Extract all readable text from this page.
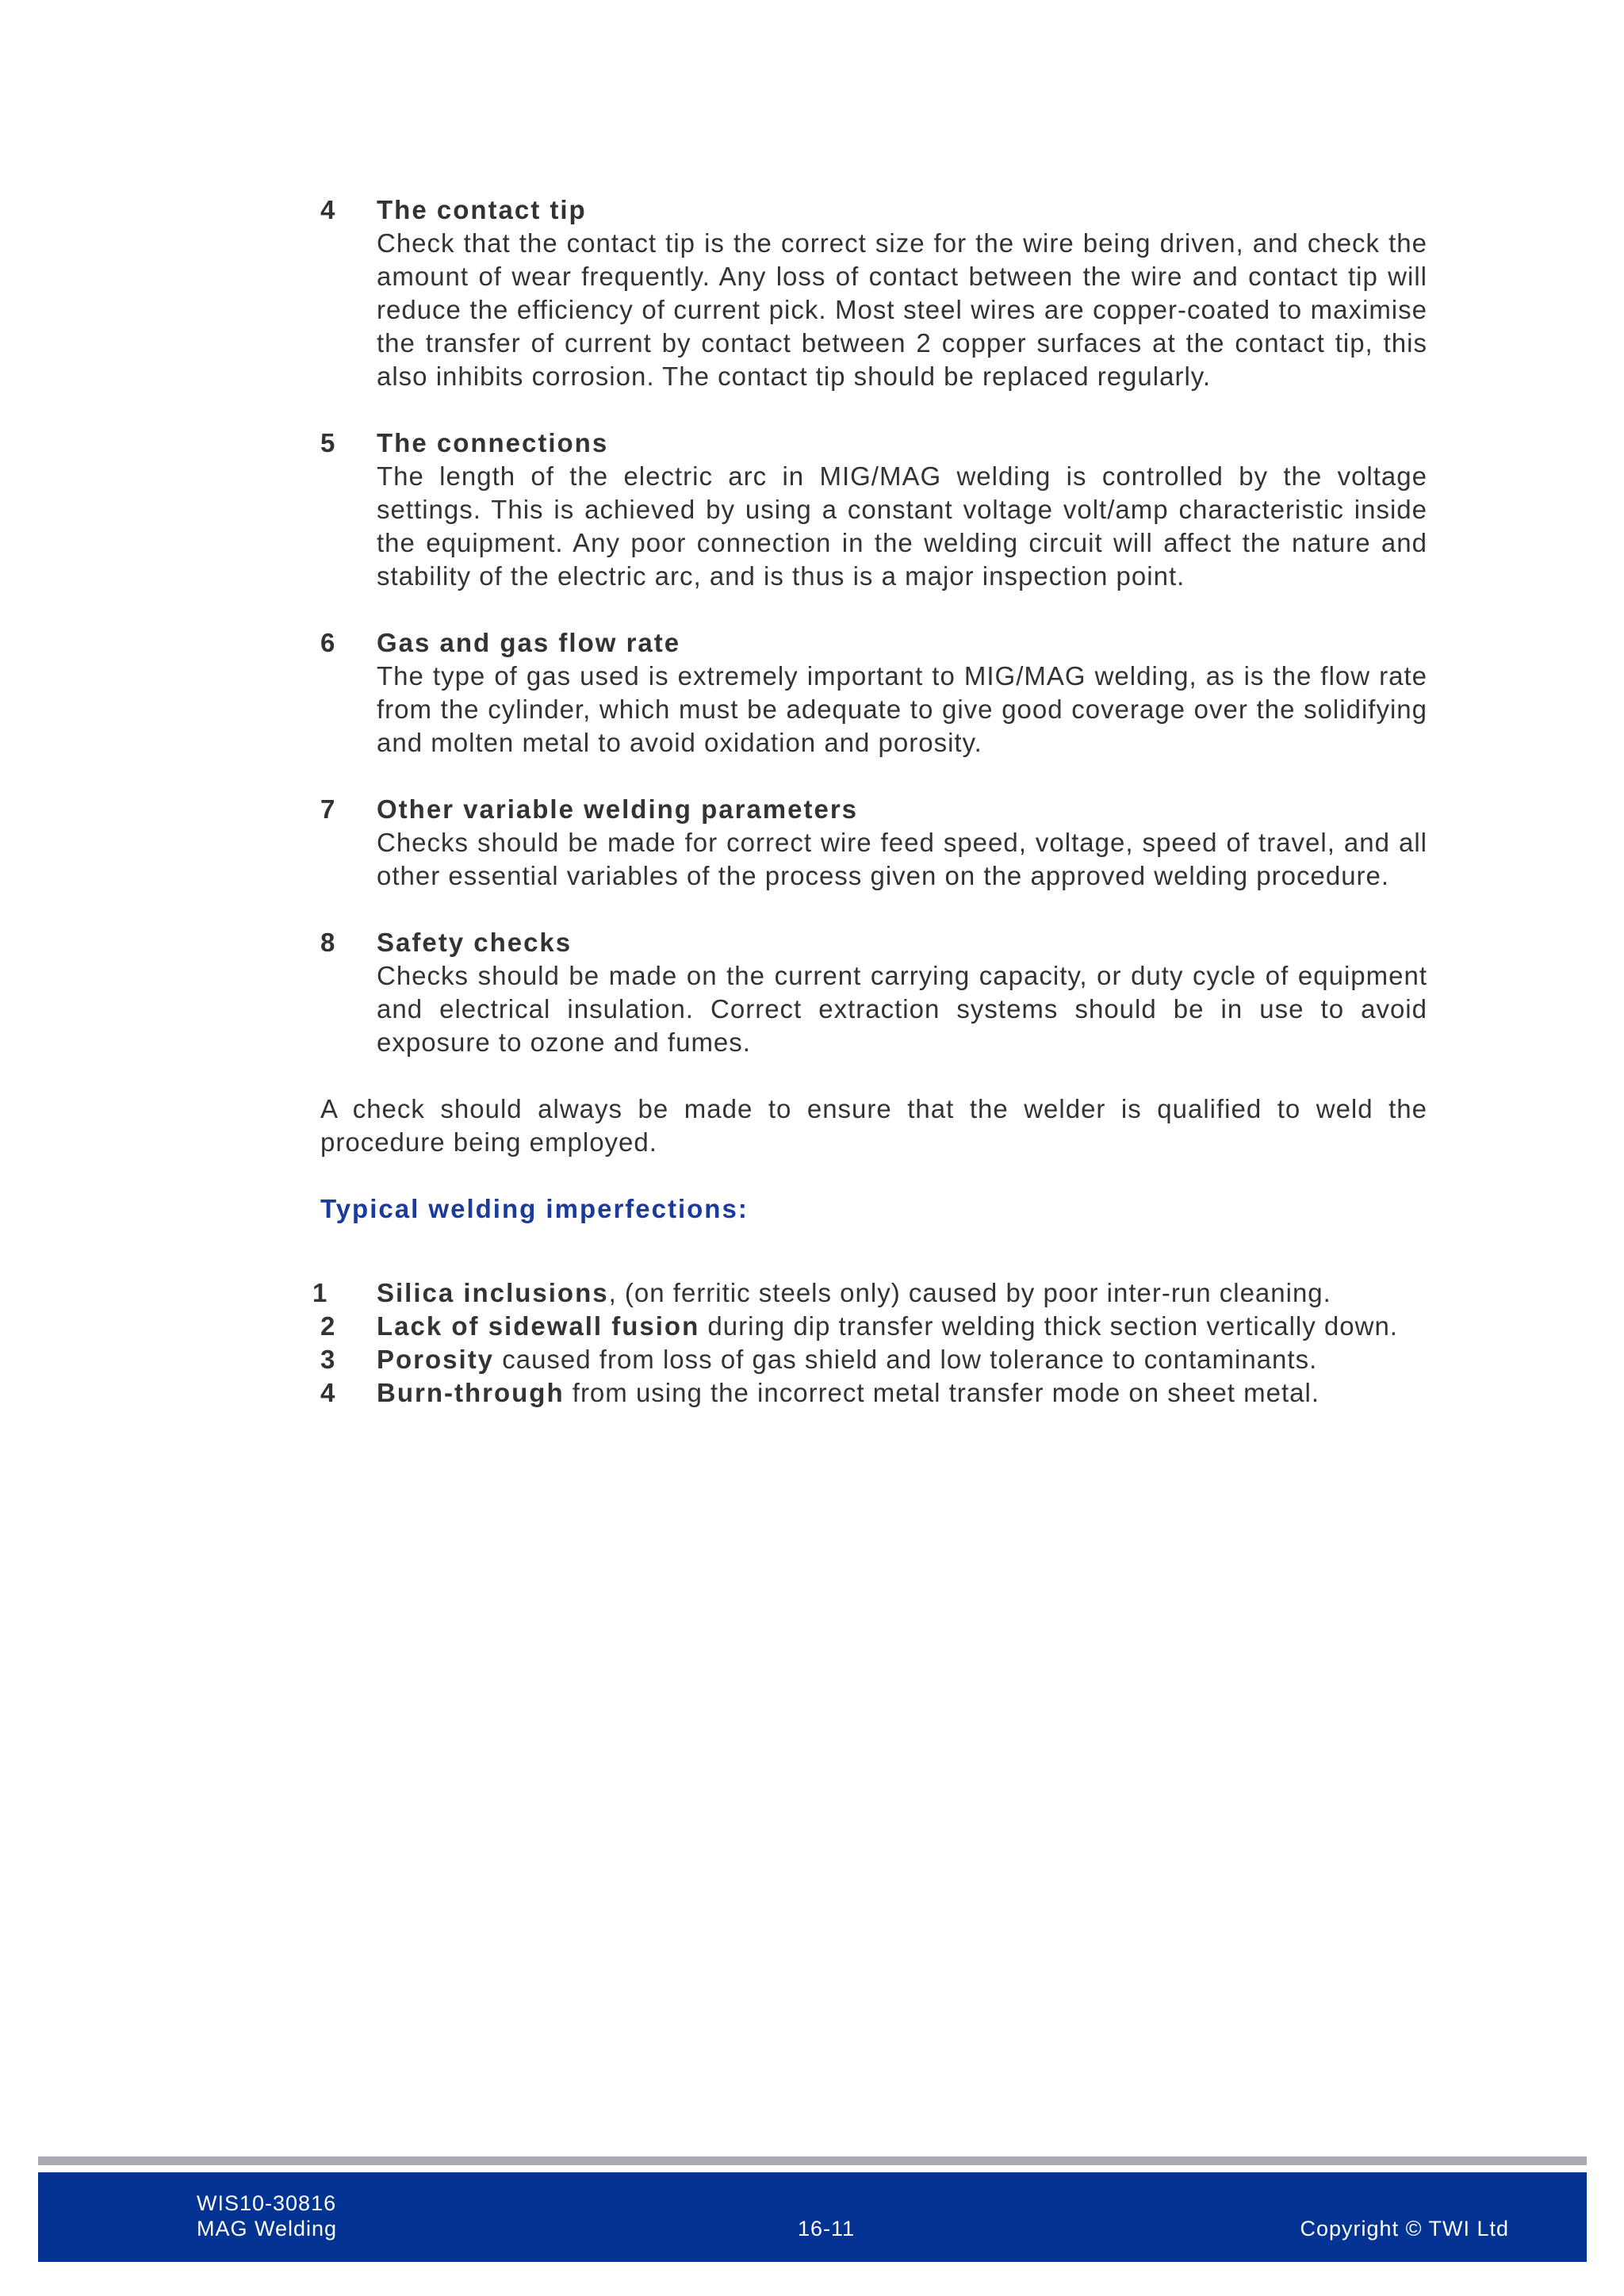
4 The contact tip
Check that the contact tip is the correct size for the wire being driven, and check the amount of wear frequently. Any loss of contact between the wire and contact tip will reduce the efficiency of current pick. Most steel wires are copper-coated to maximise the transfer of current by contact between 2 copper surfaces at the contact tip, this also inhibits corrosion. The contact tip should be replaced regularly.
5 The connections
The length of the electric arc in MIG/MAG welding is controlled by the voltage settings. This is achieved by using a constant voltage volt/amp characteristic inside the equipment. Any poor connection in the welding circuit will affect the nature and stability of the electric arc, and is thus is a major inspection point.
6 Gas and gas flow rate
The type of gas used is extremely important to MIG/MAG welding, as is the flow rate from the cylinder, which must be adequate to give good coverage over the solidifying and molten metal to avoid oxidation and porosity.
7 Other variable welding parameters
Checks should be made for correct wire feed speed, voltage, speed of travel, and all other essential variables of the process given on the approved welding procedure.
8 Safety checks
Checks should be made on the current carrying capacity, or duty cycle of equipment and electrical insulation. Correct extraction systems should be in use to avoid exposure to ozone and fumes.

A check should always be made to ensure that the welder is qualified to weld the procedure being employed.

Typical welding imperfections:
1 Silica inclusions, (on ferritic steels only) caused by poor inter-run cleaning.
2 Lack of sidewall fusion during dip transfer welding thick section vertically down.
3 Porosity caused from loss of gas shield and low tolerance to contaminants.
4 Burn-through from using the incorrect metal transfer mode on sheet metal.
WIS10-30816
MAG Welding	16-11	Copyright © TWI Ltd
